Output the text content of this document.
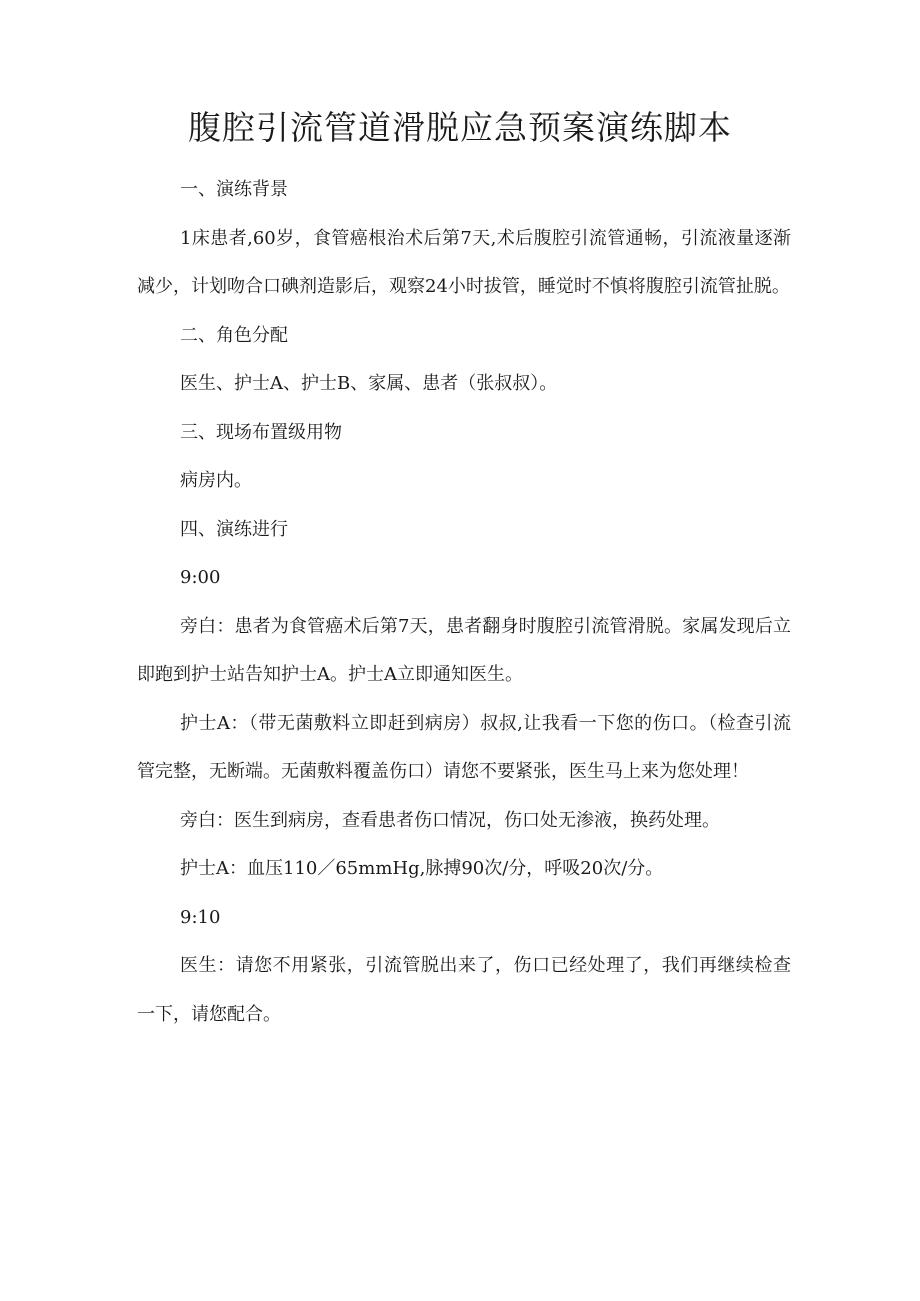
腹腔引流管道滑脱应急预案演练脚本

一、演练背景

1床患者,60岁，食管癌根治术后第7天,术后腹腔引流管通畅，引流液量逐渐减少，计划吻合口碘剂造影后，观察24小时拔管，睡觉时不慎将腹腔引流管扯脱。

二、角色分配

医生、护士A、护士B、家属、患者（张叔叔）。

三、现场布置级用物

病房内。

四、演练进行

9:00

旁白：患者为食管癌术后第7天，患者翻身时腹腔引流管滑脱。家属发现后立即跑到护士站告知护士A。护士A立即通知医生。

护士A：（带无菌敷料立即赶到病房）叔叔,让我看一下您的伤口。（检查引流管完整，无断端。无菌敷料覆盖伤口）请您不要紧张，医生马上来为您处理！

旁白：医生到病房，查看患者伤口情况，伤口处无渗液，换药处理。

护士A：血压110／65mmHg,脉搏90次/分，呼吸20次/分。

9:10

医生：请您不用紧张，引流管脱出来了，伤口已经处理了，我们再继续检查一下，请您配合。
